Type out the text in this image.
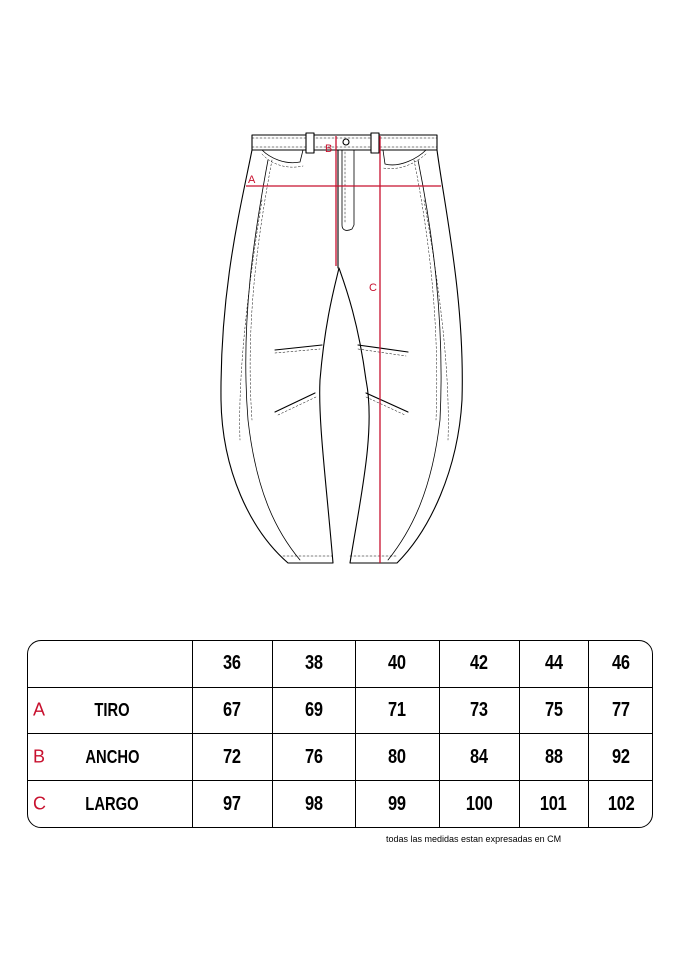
A
B
C
	36	38	40	42	44	46

A TIRO	67	69	71	73	75	77

B ANCHO	72	76	80	84	88	92

C LARGO	97	98	99	100	101	102
todas las medidas estan expresadas en CM
